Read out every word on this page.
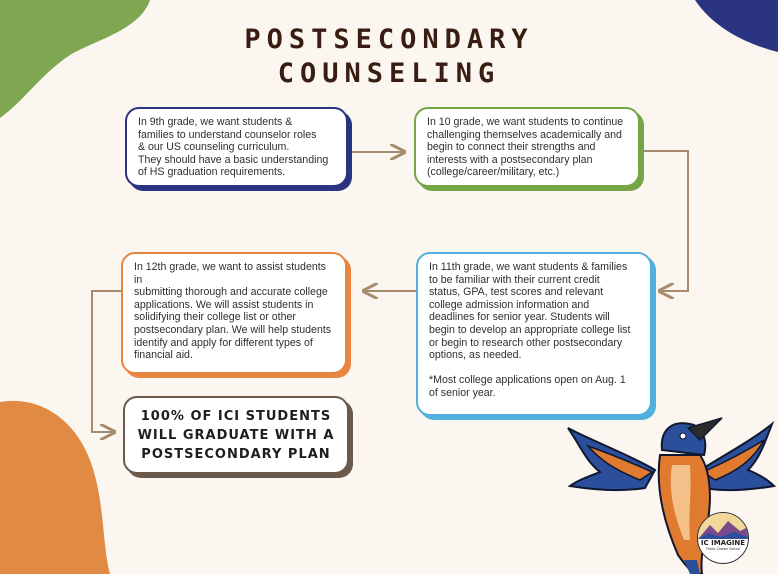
POSTSECONDARY
COUNSELING
In 9th grade, we want students &
families to understand counselor roles
& our US counseling curriculum.
They should have a basic understanding
of HS graduation requirements.
In 10 grade, we want students to continue
challenging themselves academically and
begin to connect their strengths and
interests with a postsecondary plan
(college/career/military, etc.)
In 11th grade, we want students & families
to be familiar with their current credit
status, GPA, test scores and relevant
college admission information and
deadlines for senior year. Students will
begin to develop an appropriate college list
or begin to research other postsecondary
options, as needed.

*Most college applications open on Aug. 1
of senior year.
In 12th grade, we want to assist students in
submitting thorough and accurate college
applications. We will assist students in
solidifying their college list or other
postsecondary plan. We will help students
identify and apply for different types of
financial aid.
100% OF ICI STUDENTS
WILL GRADUATE WITH A
POSTSECONDARY PLAN
IC IMAGINE
Public Charter School
